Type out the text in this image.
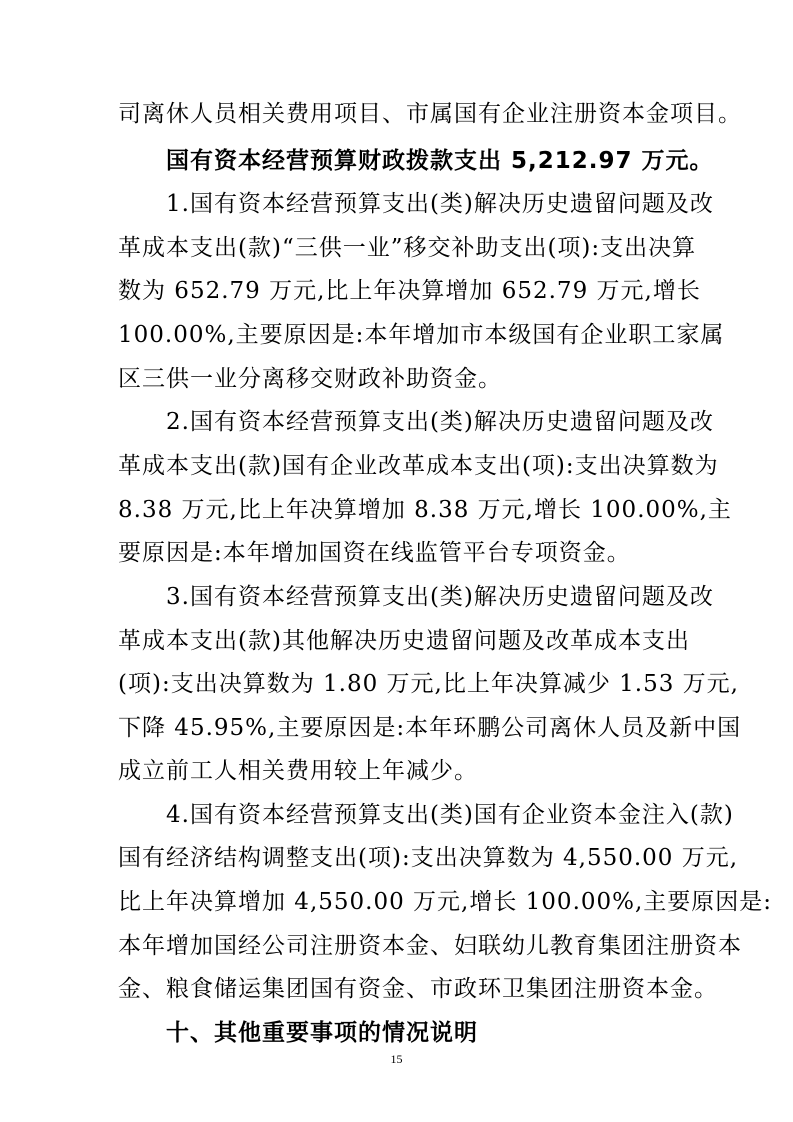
司离休人员相关费用项目、市属国有企业注册资本金项目。
国有资本经营预算财政拨款支出 5,212.97 万元。
1.国有资本经营预算支出(类)解决历史遗留问题及改
革成本支出(款)“三供一业”移交补助支出(项):支出决算
数为 652.79 万元,比上年决算增加 652.79 万元,增长
100.00%,主要原因是:本年增加市本级国有企业职工家属
区三供一业分离移交财政补助资金。
2.国有资本经营预算支出(类)解决历史遗留问题及改
革成本支出(款)国有企业改革成本支出(项):支出决算数为
8.38 万元,比上年决算增加 8.38 万元,增长 100.00%,主
要原因是:本年增加国资在线监管平台专项资金。
3.国有资本经营预算支出(类)解决历史遗留问题及改
革成本支出(款)其他解决历史遗留问题及改革成本支出
(项):支出决算数为 1.80 万元,比上年决算减少 1.53 万元,
下降 45.95%,主要原因是:本年环鹏公司离休人员及新中国
成立前工人相关费用较上年减少。
4.国有资本经营预算支出(类)国有企业资本金注入(款)
国有经济结构调整支出(项):支出决算数为 4,550.00 万元,
比上年决算增加 4,550.00 万元,增长 100.00%,主要原因是:
本年增加国经公司注册资本金、妇联幼儿教育集团注册资本
金、粮食储运集团国有资金、市政环卫集团注册资本金。
十、其他重要事项的情况说明
15
